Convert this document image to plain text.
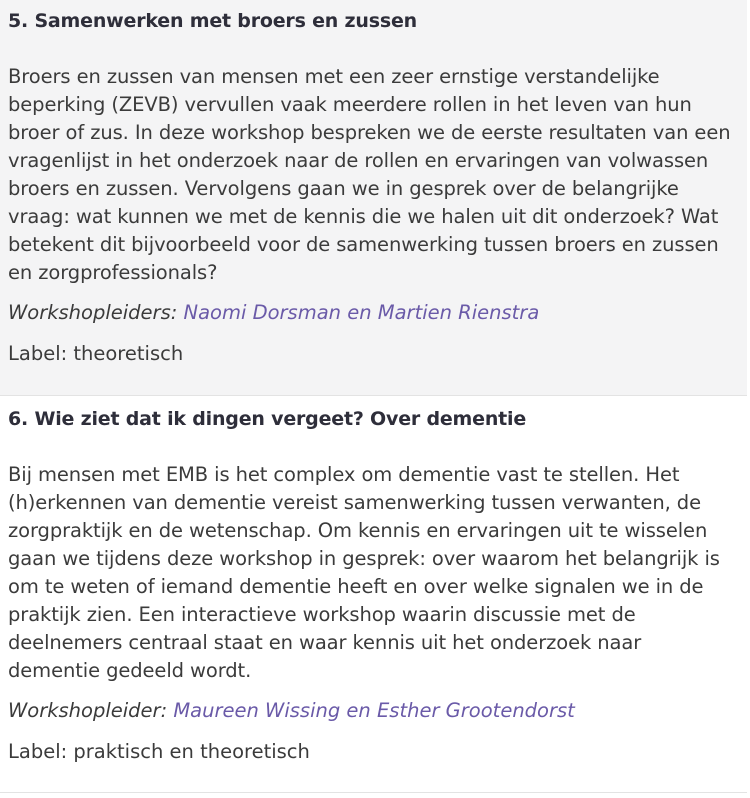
5. Samenwerken met broers en zussen

Broers en zussen van mensen met een zeer ernstige verstandelijke beperking (ZEVB) vervullen vaak meerdere rollen in het leven van hun broer of zus. In deze workshop bespreken we de eerste resultaten van een vragenlijst in het onderzoek naar de rollen en ervaringen van volwassen broers en zussen. Vervolgens gaan we in gesprek over de belangrijke vraag: wat kunnen we met de kennis die we halen uit dit onderzoek? Wat betekent dit bijvoorbeeld voor de samenwerking tussen broers en zussen en zorgprofessionals?

Workshopleiders: Naomi Dorsman en Martien Rienstra

Label: theoretisch

6. Wie ziet dat ik dingen vergeet? Over dementie

Bij mensen met EMB is het complex om dementie vast te stellen. Het (h)erkennen van dementie vereist samenwerking tussen verwanten, de zorgpraktijk en de wetenschap. Om kennis en ervaringen uit te wisselen gaan we tijdens deze workshop in gesprek: over waarom het belangrijk is om te weten of iemand dementie heeft en over welke signalen we in de praktijk zien. Een interactieve workshop waarin discussie met de deelnemers centraal staat en waar kennis uit het onderzoek naar dementie gedeeld wordt.

Workshopleider: Maureen Wissing en Esther Grootendorst

Label: praktisch en theoretisch
